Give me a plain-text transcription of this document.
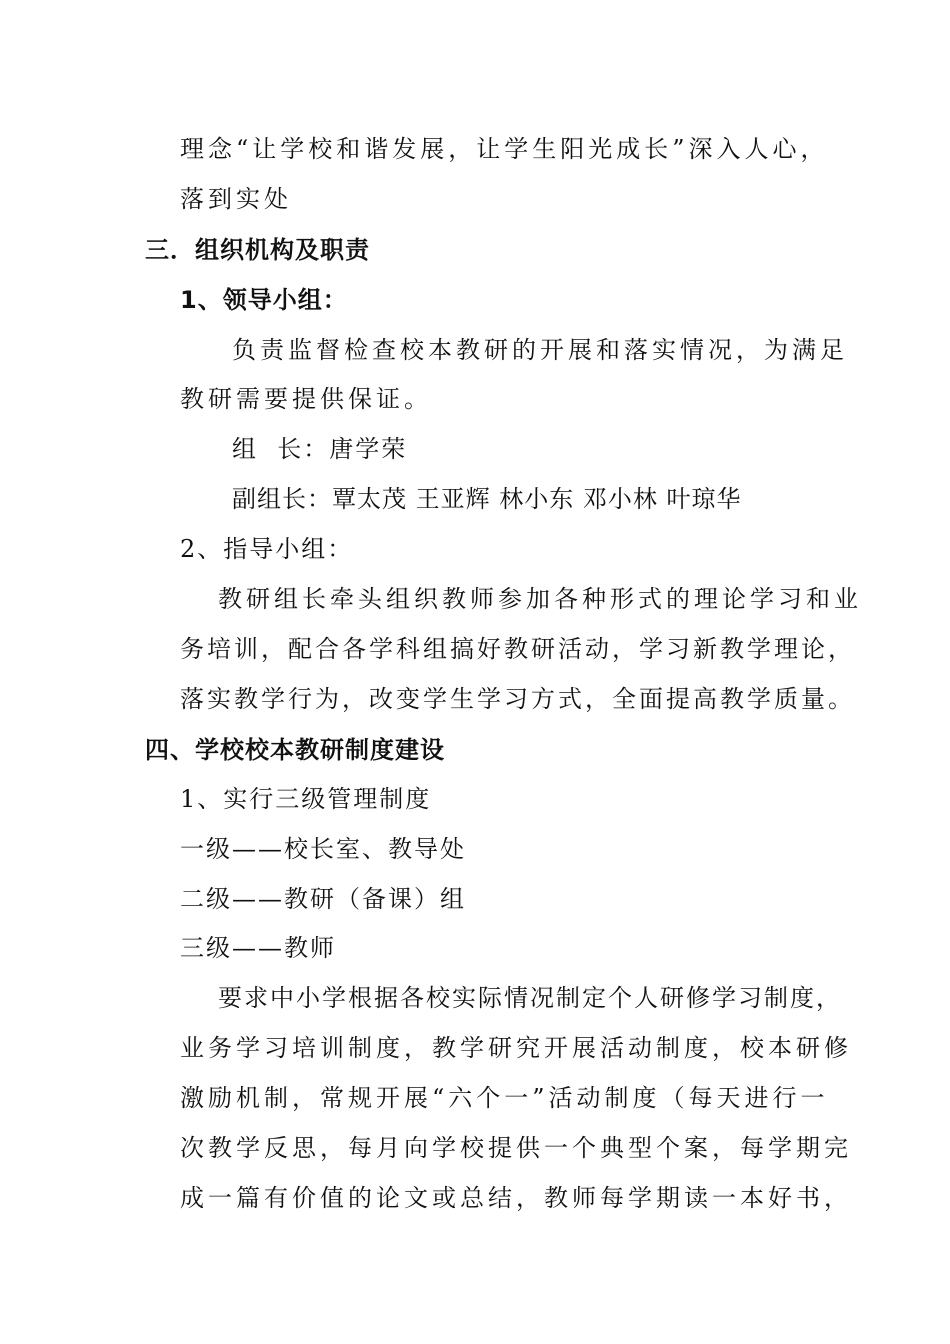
理念“让学校和谐发展，让学生阳光成长”深入人心，
落到实处
三．组织机构及职责
1、领导小组：
负责监督检查校本教研的开展和落实情况，为满足
教研需要提供保证。
组  长：唐学荣
副组长：覃太茂 王亚辉 林小东 邓小林 叶琼华
2、指导小组：
教研组长牵头组织教师参加各种形式的理论学习和业
务培训，配合各学科组搞好教研活动，学习新教学理论，
落实教学行为，改变学生学习方式，全面提高教学质量。
四、学校校本教研制度建设
1、实行三级管理制度
一级——校长室、教导处
二级——教研（备课）组
三级——教师
要求中小学根据各校实际情况制定个人研修学习制度，
业务学习培训制度，教学研究开展活动制度，校本研修
激励机制，常规开展“六个一”活动制度（每天进行一
次教学反思，每月向学校提供一个典型个案，每学期完
成一篇有价值的论文或总结，教师每学期读一本好书，
